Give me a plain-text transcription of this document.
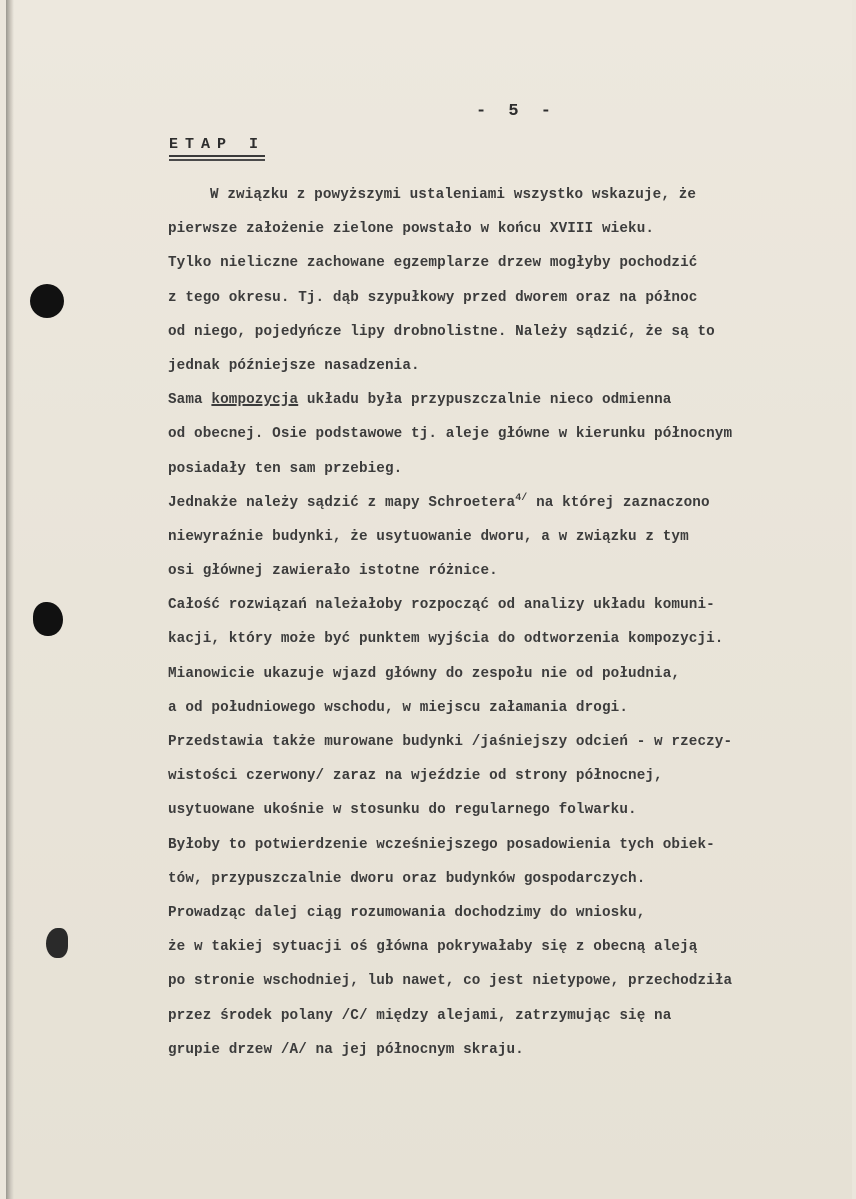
- 5 -
ETAP I
W związku z powyższymi ustaleniami wszystko wskazuje, że
pierwsze założenie zielone powstało w końcu XVIII wieku.
Tylko nieliczne zachowane egzemplarze drzew mogłyby pochodzić
z tego okresu. Tj. dąb szypułkowy przed dworem oraz na północ
od niego, pojedyńcze lipy drobnolistne. Należy sądzić, że są to
jednak późniejsze nasadzenia.
Sama kompozycja układu była przypuszczalnie nieco odmienna
od obecnej. Osie podstawowe tj. aleje główne w kierunku północnym
posiadały ten sam przebieg.
Jednakże należy sądzić z mapy Schroetera$^{4/}$ na której zaznaczono
niewyraźnie budynki, że usytuowanie dworu, a w związku z tym
osi głównej zawierało istotne różnice.
Całość rozwiązań należałoby rozpocząć od analizy układu komuni-
kacji, który może być punktem wyjścia do odtworzenia kompozycji.
Mianowicie ukazuje wjazd główny do zespołu nie od południa,
a od południowego wschodu, w miejscu załamania drogi.
Przedstawia także murowane budynki /jaśniejszy odcień - w rzeczy-
wistości czerwony/ zaraz na wjeździe od strony północnej,
usytuowane ukośnie w stosunku do regularnego folwarku.
Byłoby to potwierdzenie wcześniejszego posadowienia tych obiek-
tów, przypuszczalnie dworu oraz budynków gospodarczych.
Prowadząc dalej ciąg rozumowania dochodzimy do wniosku,
że w takiej sytuacji oś główna pokrywałaby się z obecną aleją
po stronie wschodniej, lub nawet, co jest nietypowe, przechodziła
przez środek polany /C/ między alejami, zatrzymując się na
grupie drzew /A/ na jej północnym skraju.
